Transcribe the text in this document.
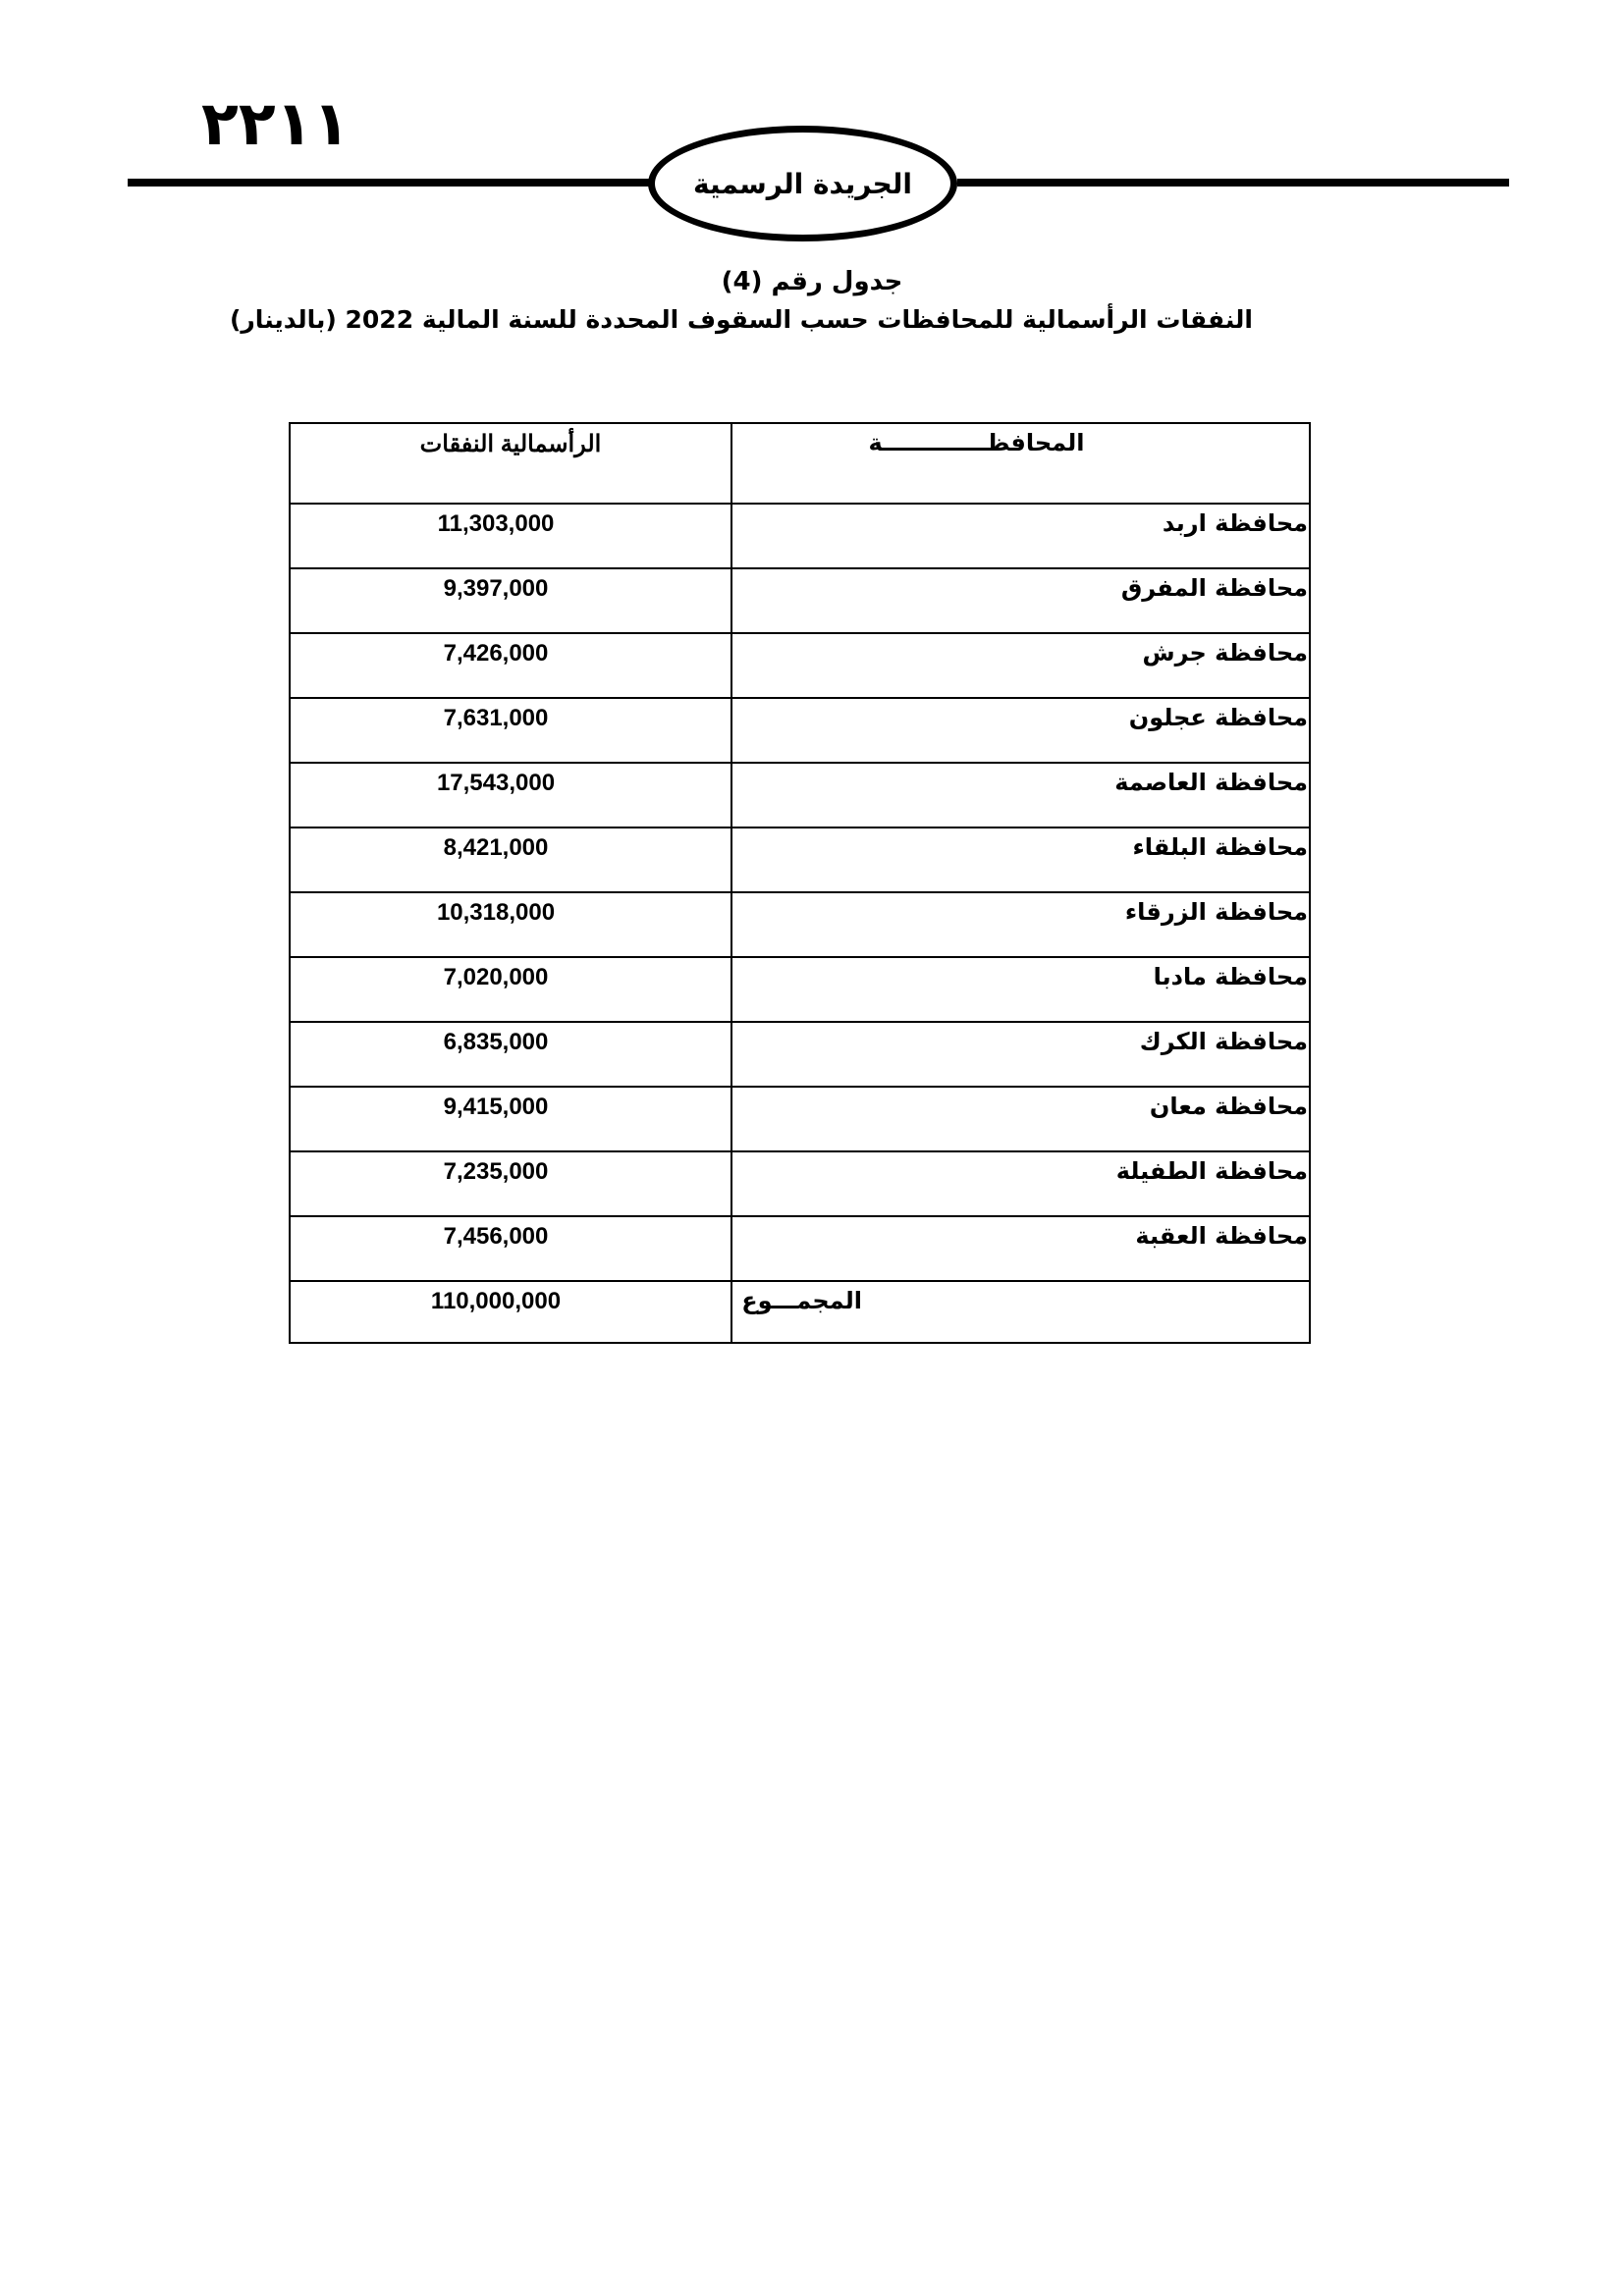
٢٢١١
الجريدة الرسمية
جدول رقم (4)
النفقات الرأسمالية للمحافظات حسب السقوف المحددة للسنة المالية 2022 (بالدينار)
الرأسمالية النفقات	المحافظـــــــــــــة
11,303,000	محافظة اربد
9,397,000	محافظة المفرق
7,426,000	محافظة جرش
7,631,000	محافظة عجلون
17,543,000	محافظة العاصمة
8,421,000	محافظة البلقاء
10,318,000	محافظة الزرقاء
7,020,000	محافظة مادبا
6,835,000	محافظة الكرك
9,415,000	محافظة معان
7,235,000	محافظة الطفيلة
7,456,000	محافظة العقبة
110,000,000	المجمـــوع
